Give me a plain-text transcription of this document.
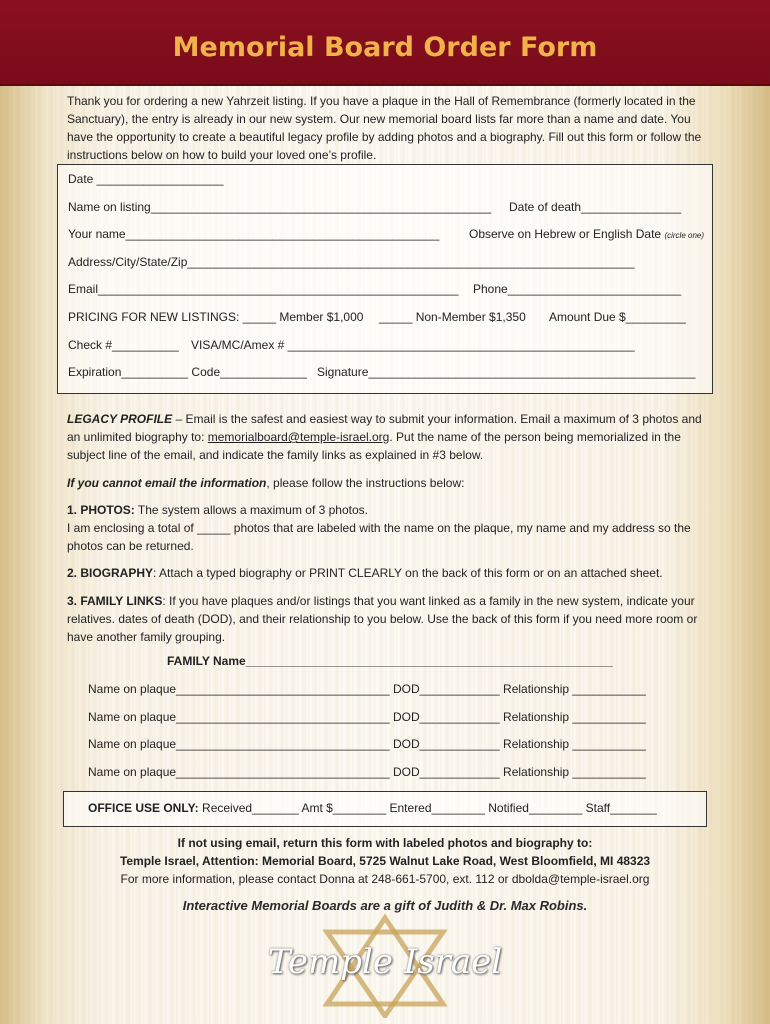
Memorial Board Order Form

Thank you for ordering a new Yahrzeit listing. If you have a plaque in the Hall of Remembrance (formerly located in the Sanctuary), the entry is already in our new system. Our new memorial board lists far more than a name and date. You have the opportunity to create a beautiful legacy profile by adding photos and a biography. Fill out this form or follow the instructions below on how to build your loved one’s profile.

Date ___________________
Name on listing___________________________________________________ Date of death_______________
Your name_______________________________________________ Observe on Hebrew or English Date (circle one)
Address/City/State/Zip___________________________________________________________________
Email______________________________________________________ Phone__________________________
PRICING FOR NEW LISTINGS: _____ Member $1,000 _____ Non-Member $1,350 Amount Due $_________
Check #__________ VISA/MC/Amex # ____________________________________________________
Expiration__________ Code_____________ Signature_________________________________________________

LEGACY PROFILE – Email is the safest and easiest way to submit your information. Email a maximum of 3 photos and an unlimited biography to: memorialboard@temple-israel.org. Put the name of the person being memorialized in the subject line of the email, and indicate the family links as explained in #3 below.

If you cannot email the information, please follow the instructions below:

1. PHOTOS: The system allows a maximum of 3 photos.

I am enclosing a total of _____ photos that are labeled with the name on the plaque, my name and my address so the photos can be returned.

2. BIOGRAPHY: Attach a typed biography or PRINT CLEARLY on the back of this form or on an attached sheet.

3. FAMILY LINKS: If you have plaques and/or listings that you want linked as a family in the new system, indicate your relatives. dates of death (DOD), and their relationship to you below. Use the back of this form if you need more room or have another family grouping.

FAMILY Name_______________________________________________________
Name on plaque________________________________ DOD____________ Relationship ___________
Name on plaque________________________________ DOD____________ Relationship ___________
Name on plaque________________________________ DOD____________ Relationship ___________
Name on plaque________________________________ DOD____________ Relationship ___________
OFFICE USE ONLY: Received_______ Amt $________ Entered________ Notified________ Staff_______
If not using email, return this form with labeled photos and biography to:
Temple Israel, Attention: Memorial Board, 5725 Walnut Lake Road, West Bloomfield, MI 48323
For more information, please contact Donna at 248-661-5700, ext. 112 or dbolda@temple-israel.org
Interactive Memorial Boards are a gift of Judith & Dr. Max Robins.
Temple Israel
